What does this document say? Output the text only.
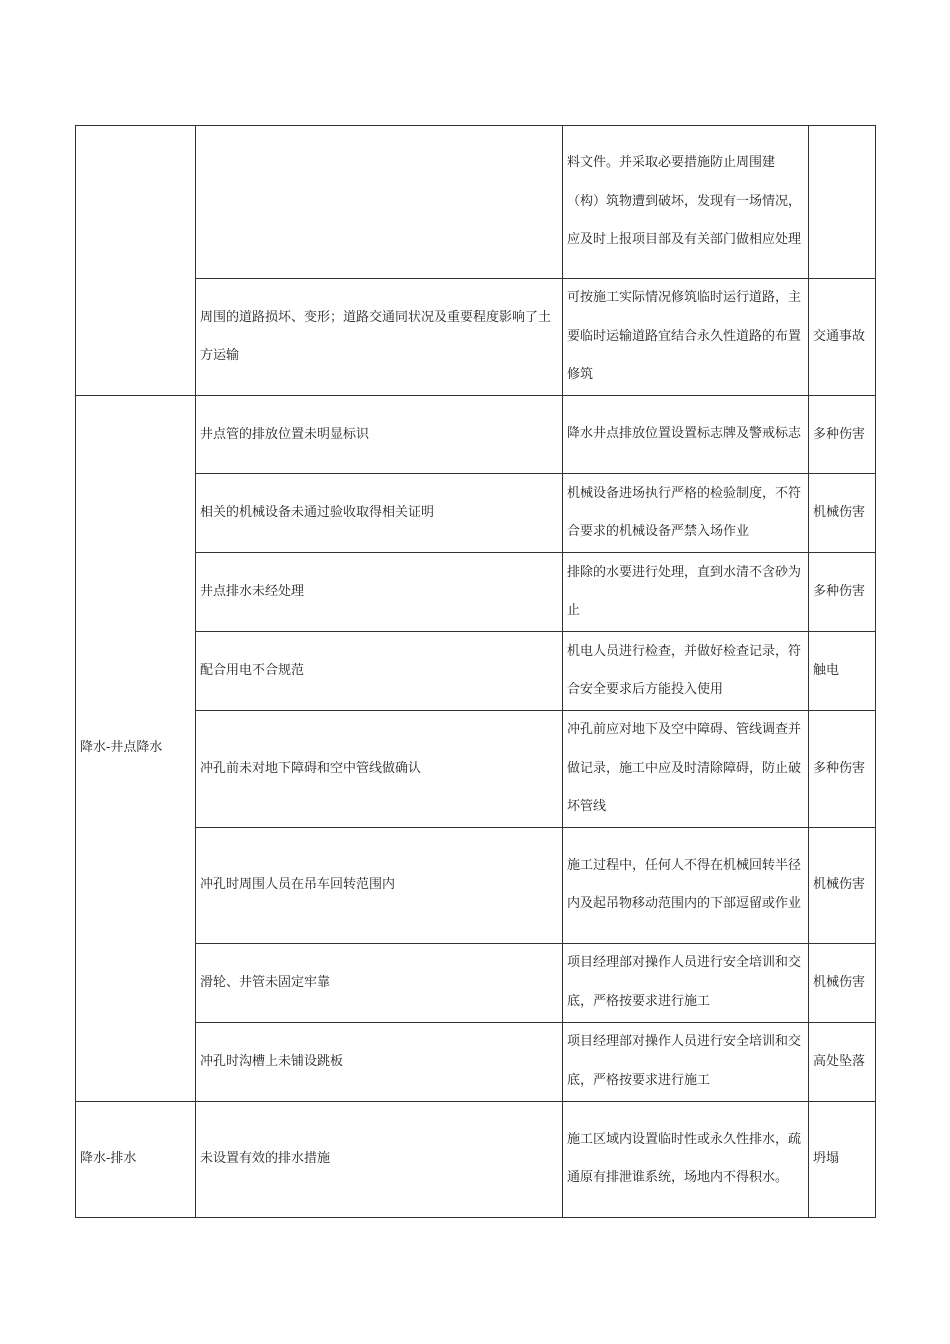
		料文件。并采取必要措施防止周围建（构）筑物遭到破坏，发现有一场情况，应及时上报项目部及有关部门做相应处理	
	周围的道路损坏、变形；道路交通同状况及重要程度影响了土方运输	可按施工实际情况修筑临时运行道路，主要临时运输道路宜结合永久性道路的布置修筑	交通事故
降水-井点降水	井点管的排放位置未明显标识	降水井点排放位置设置标志牌及警戒标志	多种伤害
	相关的机械设备未通过验收取得相关证明	机械设备进场执行严格的检验制度，不符合要求的机械设备严禁入场作业	机械伤害
	井点排水未经处理	排除的水要进行处理，直到水清不含砂为止	多种伤害
	配合用电不合规范	机电人员进行检查，并做好检查记录，符合安全要求后方能投入使用	触电
	冲孔前未对地下障碍和空中管线做确认	冲孔前应对地下及空中障碍、管线调查并做记录，施工中应及时清除障碍，防止破坏管线	多种伤害
	冲孔时周围人员在吊车回转范围内	施工过程中，任何人不得在机械回转半径内及起吊物移动范围内的下部逗留或作业	机械伤害
	滑轮、井管未固定牢靠	项目经理部对操作人员进行安全培训和交底，严格按要求进行施工	机械伤害
	冲孔时沟槽上未铺设跳板	项目经理部对操作人员进行安全培训和交底，严格按要求进行施工	高处坠落
降水-排水	未设置有效的排水措施	施工区域内设置临时性或永久性排水，疏通原有排泄谁系统，场地内不得积水。	坍塌
